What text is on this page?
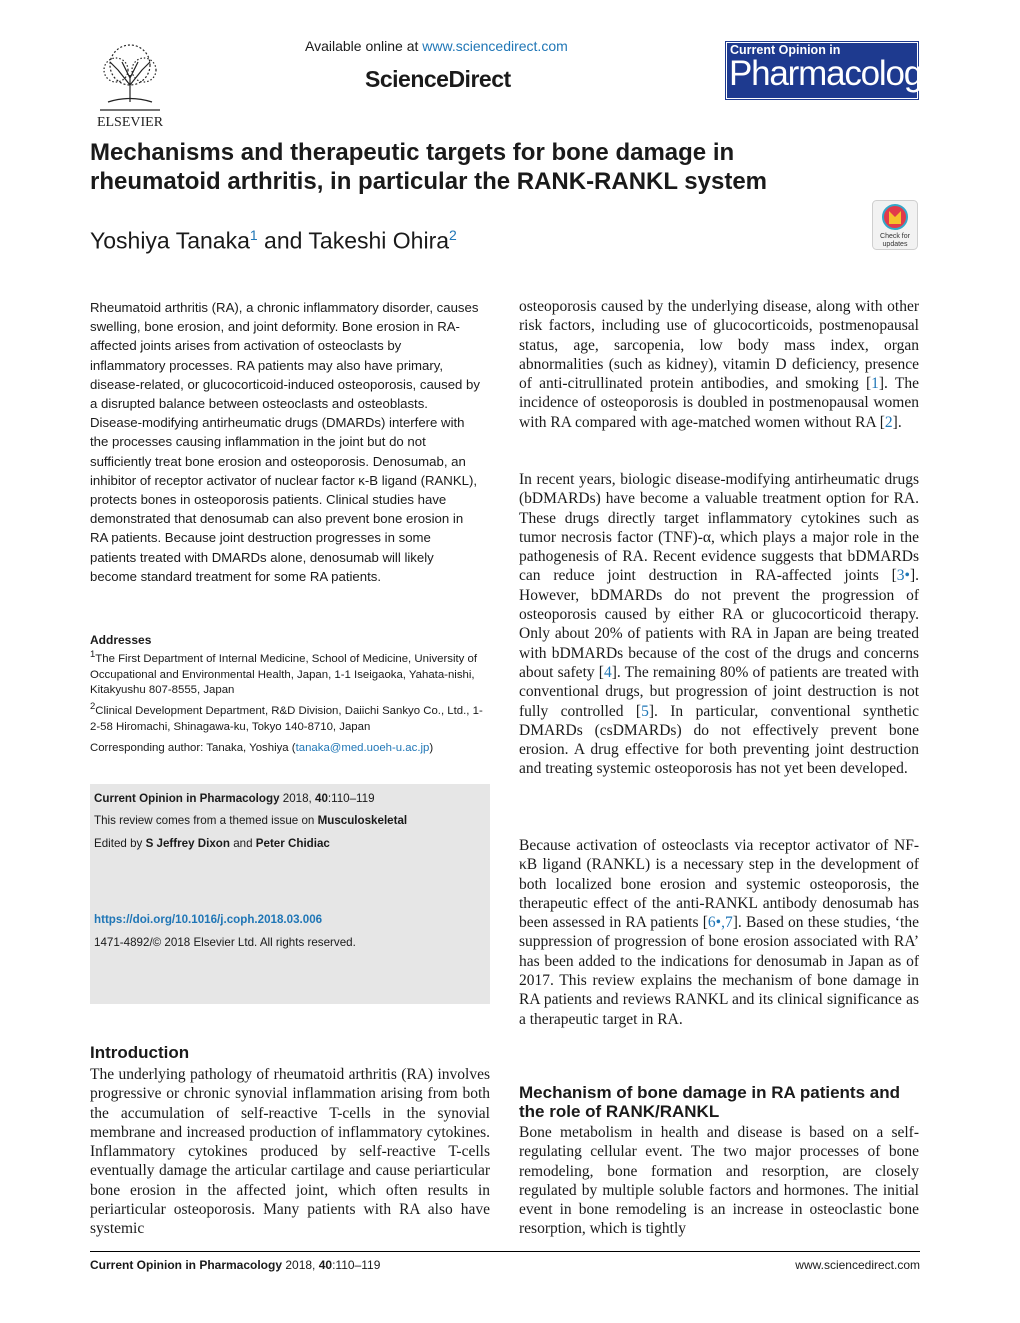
ELSEVIER
Available online at www.sciencedirect.com
ScienceDirect
Current Opinion in
Pharmacology
Mechanisms and therapeutic targets for bone damage in rheumatoid arthritis, in particular the RANK-RANKL system
Yoshiya Tanaka$^1$ and Takeshi Ohira$^2$	Check for
updates
Rheumatoid arthritis (RA), a chronic inflammatory disorder, causes swelling, bone erosion, and joint deformity. Bone erosion in RA-affected joints arises from activation of osteoclasts by inflammatory processes. RA patients may also have primary, disease-related, or glucocorticoid-induced osteoporosis, caused by a disrupted balance between osteoclasts and osteoblasts. Disease-modifying antirheumatic drugs (DMARDs) interfere with the processes causing inflammation in the joint but do not sufficiently treat bone erosion and osteoporosis. Denosumab, an inhibitor of receptor activator of nuclear factor κ-B ligand (RANKL), protects bones in osteoporosis patients. Clinical studies have demonstrated that denosumab can also prevent bone erosion in RA patients. Because joint destruction progresses in some patients treated with DMARDs alone, denosumab will likely become standard treatment for some RA patients.
Addresses
$^1$The First Department of Internal Medicine, School of Medicine, University of Occupational and Environmental Health, Japan, 1-1 Iseigaoka, Yahata-nishi, Kitakyushu 807-8555, Japan
$^2$Clinical Development Department, R&D Division, Daiichi Sankyo Co., Ltd., 1-2-58 Hiromachi, Shinagawa-ku, Tokyo 140-8710, Japan
Corresponding author: Tanaka, Yoshiya (tanaka@med.uoeh-u.ac.jp)
Current Opinion in Pharmacology 2018, 40:110–119
This review comes from a themed issue on Musculoskeletal
Edited by S Jeffrey Dixon and Peter Chidiac
https://doi.org/10.1016/j.coph.2018.03.006
1471-4892/© 2018 Elsevier Ltd. All rights reserved.
Introduction
The underlying pathology of rheumatoid arthritis (RA) involves progressive or chronic synovial inflammation arising from both the accumulation of self-reactive T-cells in the synovial membrane and increased production of inflammatory cytokines. Inflammatory cytokines produced by self-reactive T-cells eventually damage the articular cartilage and cause periarticular bone erosion in the affected joint, which often results in periarticular osteoporosis. Many patients with RA also have systemic
osteoporosis caused by the underlying disease, along with other risk factors, including use of glucocorticoids, postmenopausal status, age, sarcopenia, low body mass index, organ abnormalities (such as kidney), vitamin D deficiency, presence of anti-citrullinated protein antibodies, and smoking [1]. The incidence of osteoporosis is doubled in postmenopausal women with RA compared with age-matched women without RA [2].
In recent years, biologic disease-modifying antirheumatic drugs (bDMARDs) have become a valuable treatment option for RA. These drugs directly target inflammatory cytokines such as tumor necrosis factor (TNF)-α, which plays a major role in the pathogenesis of RA. Recent evidence suggests that bDMARDs can reduce joint destruction in RA-affected joints [3•]. However, bDMARDs do not prevent the progression of osteoporosis caused by either RA or glucocorticoid therapy. Only about 20% of patients with RA in Japan are being treated with bDMARDs because of the cost of the drugs and concerns about safety [4]. The remaining 80% of patients are treated with conventional drugs, but progression of joint destruction is not fully controlled [5]. In particular, conventional synthetic DMARDs (csDMARDs) do not effectively prevent bone erosion. A drug effective for both preventing joint destruction and treating systemic osteoporosis has not yet been developed.
Because activation of osteoclasts via receptor activator of NF-κB ligand (RANKL) is a necessary step in the development of both localized bone erosion and systemic osteoporosis, the therapeutic effect of the anti-RANKL antibody denosumab has been assessed in RA patients [6•,7]. Based on these studies, ‘the suppression of progression of bone erosion associated with RA’ has been added to the indications for denosumab in Japan as of 2017. This review explains the mechanism of bone damage in RA patients and reviews RANKL and its clinical significance as a therapeutic target in RA.
Mechanism of bone damage in RA patients and the role of RANK/RANKL
Bone metabolism in health and disease is based on a self-regulating cellular event. The two major processes of bone remodeling, bone formation and resorption, are closely regulated by multiple soluble factors and hormones. The initial event in bone remodeling is an increase in osteoclastic bone resorption, which is tightly
Current Opinion in Pharmacology 2018, 40:110–119	www.sciencedirect.com
